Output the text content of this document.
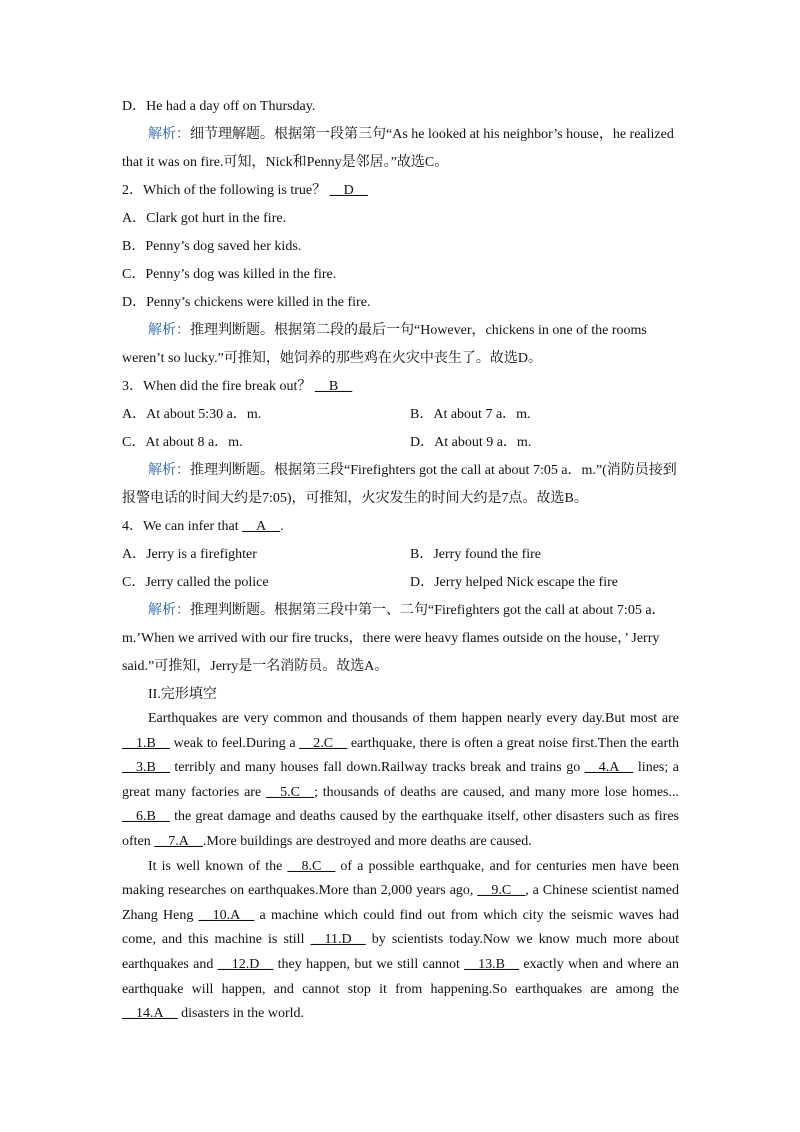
D．He had a day off on Thursday.
解析：细节理解题。根据第一段第三句“As he looked at his neighbor’s house，he realized
that it was on fire.可知，Nick和Penny是邻居。”故选C。
2．Which of the following is true？ __D__
A．Clark got hurt in the fire.
B．Penny’s dog saved her kids.
C．Penny’s dog was killed in the fire.
D．Penny’s chickens were killed in the fire.
解析：推理判断题。根据第二段的最后一句“However，chickens in one of the rooms
weren’t so lucky.”可推知，她饲养的那些鸡在火灾中丧生了。故选D。
3．When did the fire break out？ __B__
A．At about 5:30 a．m.	B．At about 7 a．m.
C．At about 8 a．m.	D．At about 9 a．m.
解析：推理判断题。根据第三段“Firefighters got the call at about 7:05 a．m.”(消防员接到
报警电话的时间大约是7:05)，可推知，火灾发生的时间大约是7点。故选B。
4．We can infer that __A__.
A．Jerry is a firefighter	B．Jerry found the fire
C．Jerry called the police	D．Jerry helped Nick escape the fire
解析：推理判断题。根据第三段中第一、二句“Firefighters got the call at about 7:05 a．
m.’When we arrived with our fire trucks，there were heavy flames outside on the house，’ Jerry
said.”可推知，Jerry是一名消防员。故选A。
II.完形填空

Earthquakes are very common and thousands of them happen nearly every day.But most are __1.B__ weak to feel.During a __2.C__ earthquake, there is often a great noise first.Then the earth __3.B__ terribly and many houses fall down.Railway tracks break and trains go __4.A__ lines; a great many factories are __5.C__; thousands of deaths are caused, and many more lose homes... __6.B__ the great damage and deaths caused by the earthquake itself, other disasters such as fires often __7.A__.More buildings are destroyed and more deaths are caused.

It is well known of the __8.C__ of a possible earthquake, and for centuries men have been making researches on earthquakes.More than 2,000 years ago, __9.C__, a Chinese scientist named Zhang Heng __10.A__ a machine which could find out from which city the seismic waves had come, and this machine is still __11.D__ by scientists today.Now we know much more about earthquakes and __12.D__ they happen, but we still cannot __13.B__ exactly when and where an earthquake will happen, and cannot stop it from happening.So earthquakes are among the __14.A__ disasters in the world.
